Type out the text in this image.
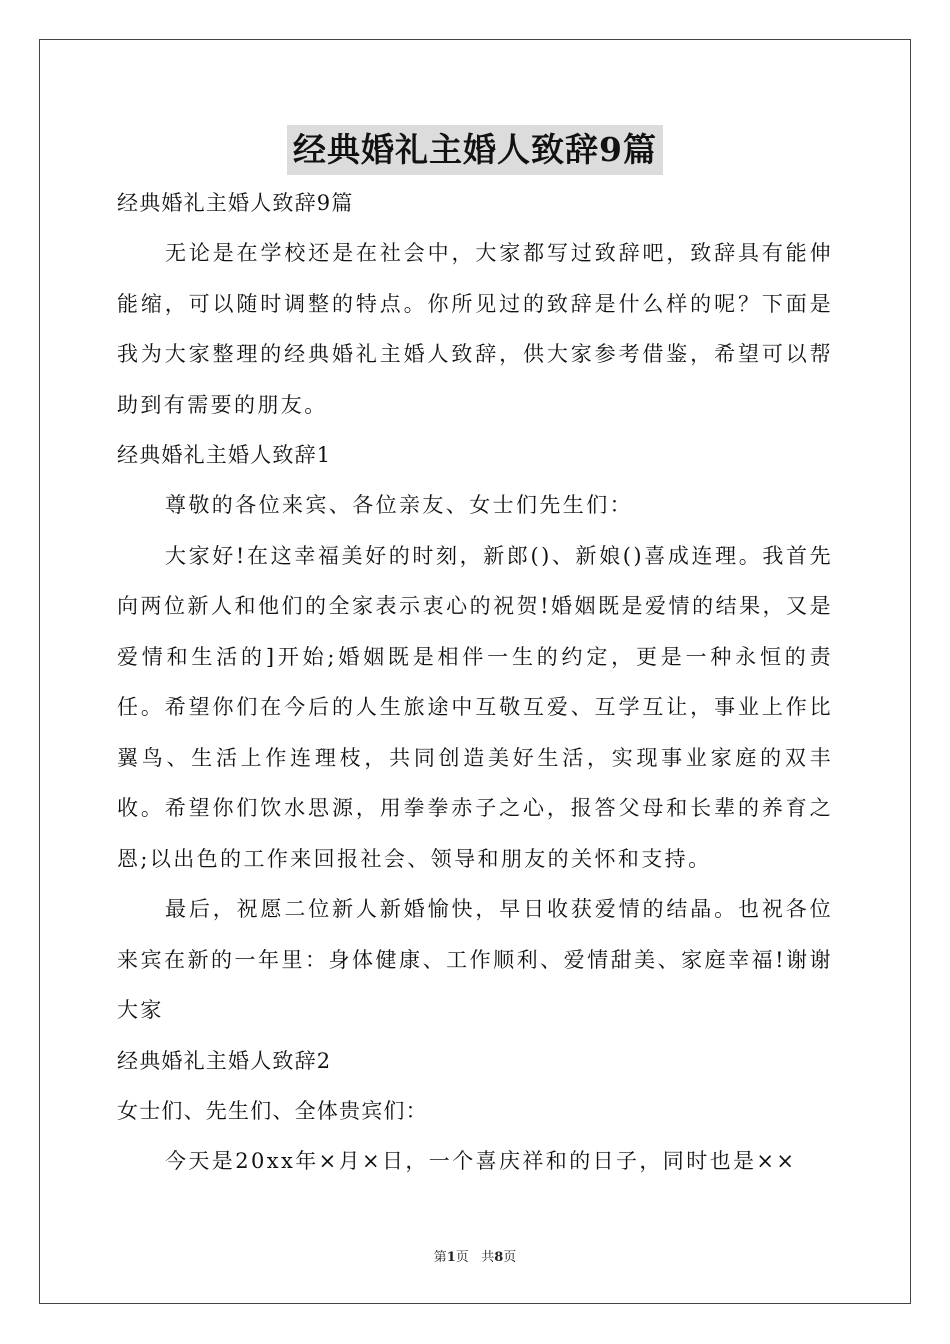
经典婚礼主婚人致辞9篇

经典婚礼主婚人致辞9篇

无论是在学校还是在社会中，大家都写过致辞吧，致辞具有能伸能缩，可以随时调整的特点。你所见过的致辞是什么样的呢？下面是我为大家整理的经典婚礼主婚人致辞，供大家参考借鉴，希望可以帮助到有需要的朋友。

经典婚礼主婚人致辞1

尊敬的各位来宾、各位亲友、女士们先生们：

大家好!在这幸福美好的时刻，新郎()、新娘()喜成连理。我首先向两位新人和他们的全家表示衷心的祝贺!婚姻既是爱情的结果，又是爱情和生活的]开始;婚姻既是相伴一生的约定，更是一种永恒的责任。希望你们在今后的人生旅途中互敬互爱、互学互让，事业上作比翼鸟、生活上作连理枝，共同创造美好生活，实现事业家庭的双丰收。希望你们饮水思源，用拳拳赤子之心，报答父母和长辈的养育之恩;以出色的工作来回报社会、领导和朋友的关怀和支持。

最后，祝愿二位新人新婚愉快，早日收获爱情的结晶。也祝各位来宾在新的一年里：身体健康、工作顺利、爱情甜美、家庭幸福!谢谢大家

经典婚礼主婚人致辞2

女士们、先生们、全体贵宾们：

今天是20xx年×月×日，一个喜庆祥和的日子，同时也是××

第1页   共8页
